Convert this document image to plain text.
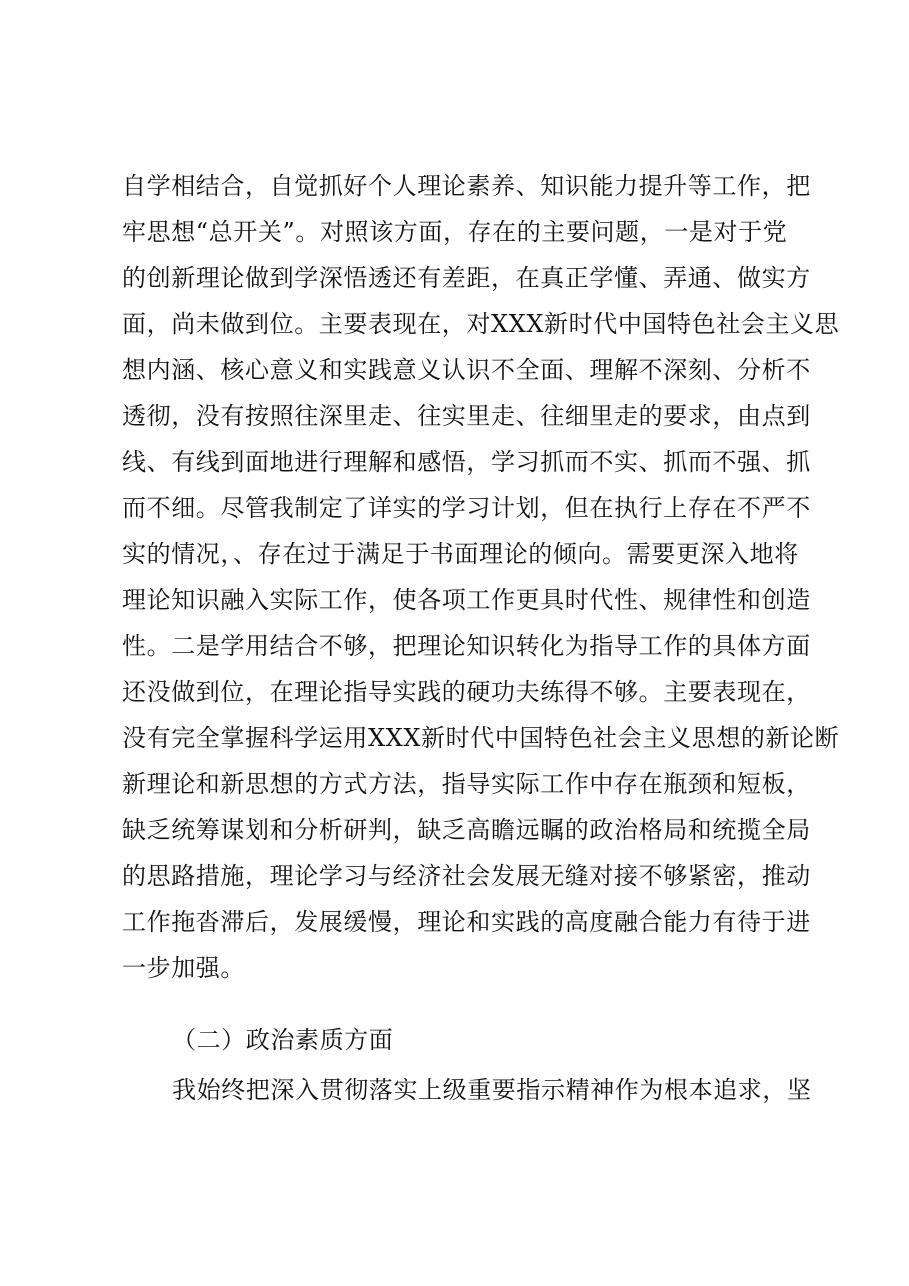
自学相结合，自觉抓好个人理论素养、知识能力提升等工作，把
牢思想“总开关”。对照该方面，存在的主要问题，一是对于党
的创新理论做到学深悟透还有差距，在真正学懂、弄通、做实方
面，尚未做到位。主要表现在，对XXX新时代中国特色社会主义思
想内涵、核心意义和实践意义认识不全面、理解不深刻、分析不
透彻，没有按照往深里走、往实里走、往细里走的要求，由点到
线、有线到面地进行理解和感悟，学习抓而不实、抓而不强、抓
而不细。尽管我制定了详实的学习计划，但在执行上存在不严不
实的情况，、存在过于满足于书面理论的倾向。需要更深入地将
理论知识融入实际工作，使各项工作更具时代性、规律性和创造
性。二是学用结合不够，把理论知识转化为指导工作的具体方面
还没做到位，在理论指导实践的硬功夫练得不够。主要表现在，
没有完全掌握科学运用XXX新时代中国特色社会主义思想的新论断
新理论和新思想的方式方法，指导实际工作中存在瓶颈和短板，
缺乏统筹谋划和分析研判，缺乏高瞻远瞩的政治格局和统揽全局
的思路措施，理论学习与经济社会发展无缝对接不够紧密，推动
工作拖沓滞后，发展缓慢，理论和实践的高度融合能力有待于进
一步加强。
（二）政治素质方面
我始终把深入贯彻落实上级重要指示精神作为根本追求，坚
